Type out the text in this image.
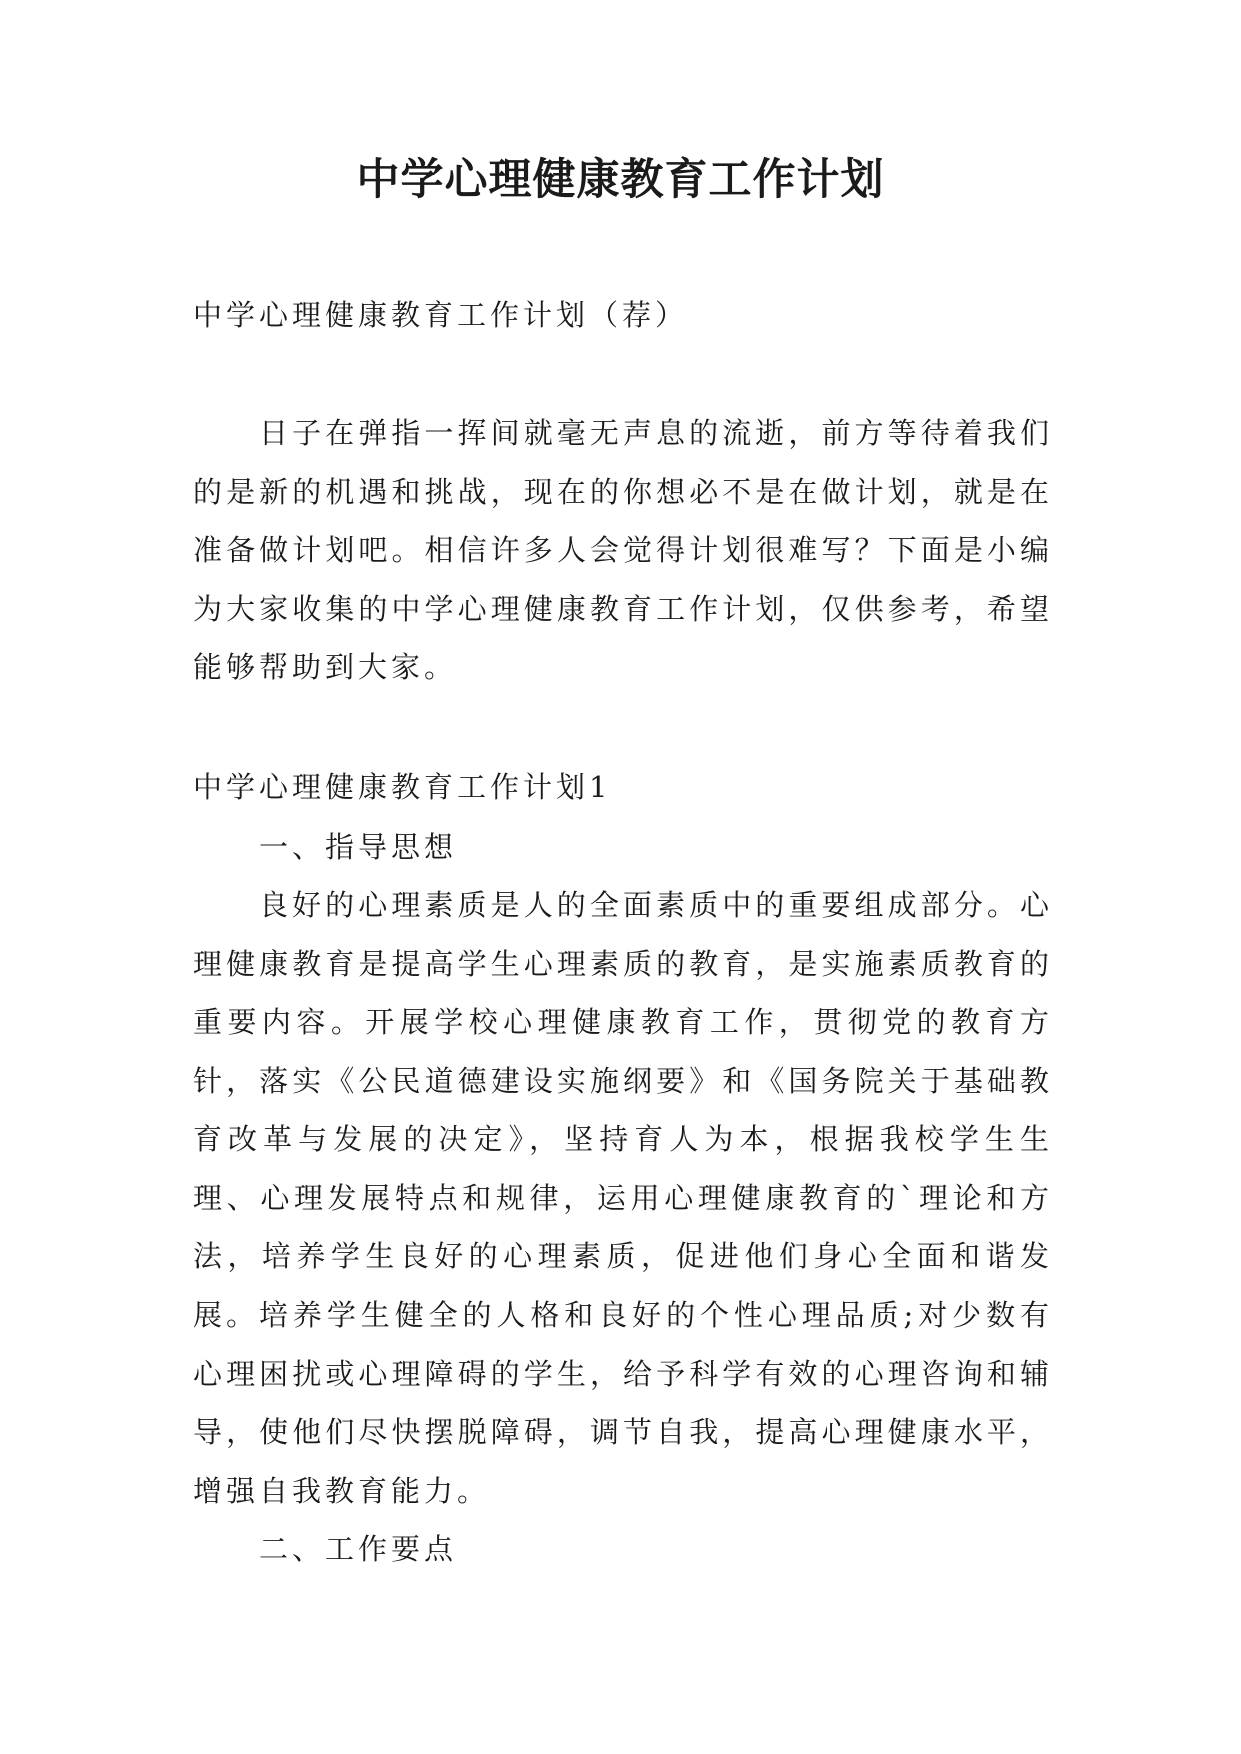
中学心理健康教育工作计划
中学心理健康教育工作计划（荐）
日子在弹指一挥间就毫无声息的流逝，前方等待着我们的是新的机遇和挑战，现在的你想必不是在做计划，就是在准备做计划吧。相信许多人会觉得计划很难写？下面是小编为大家收集的中学心理健康教育工作计划，仅供参考，希望能够帮助到大家。
中学心理健康教育工作计划1
一、指导思想
良好的心理素质是人的全面素质中的重要组成部分。心理健康教育是提高学生心理素质的教育，是实施素质教育的重要内容。开展学校心理健康教育工作，贯彻党的教育方针，落实《公民道德建设实施纲要》和《国务院关于基础教育改革与发展的决定》，坚持育人为本，根据我校学生生理、心理发展特点和规律，运用心理健康教育的`理论和方法，培养学生良好的心理素质，促进他们身心全面和谐发展。 培养学生健全的人格和良好的个性心理品质;对少数有心理困扰或心理障碍的学生，给予科学有效的心理咨询和辅导，使他们尽快摆脱障碍，调节自我，提高心理健康水平，增强自我教育能力。
二、工作要点
